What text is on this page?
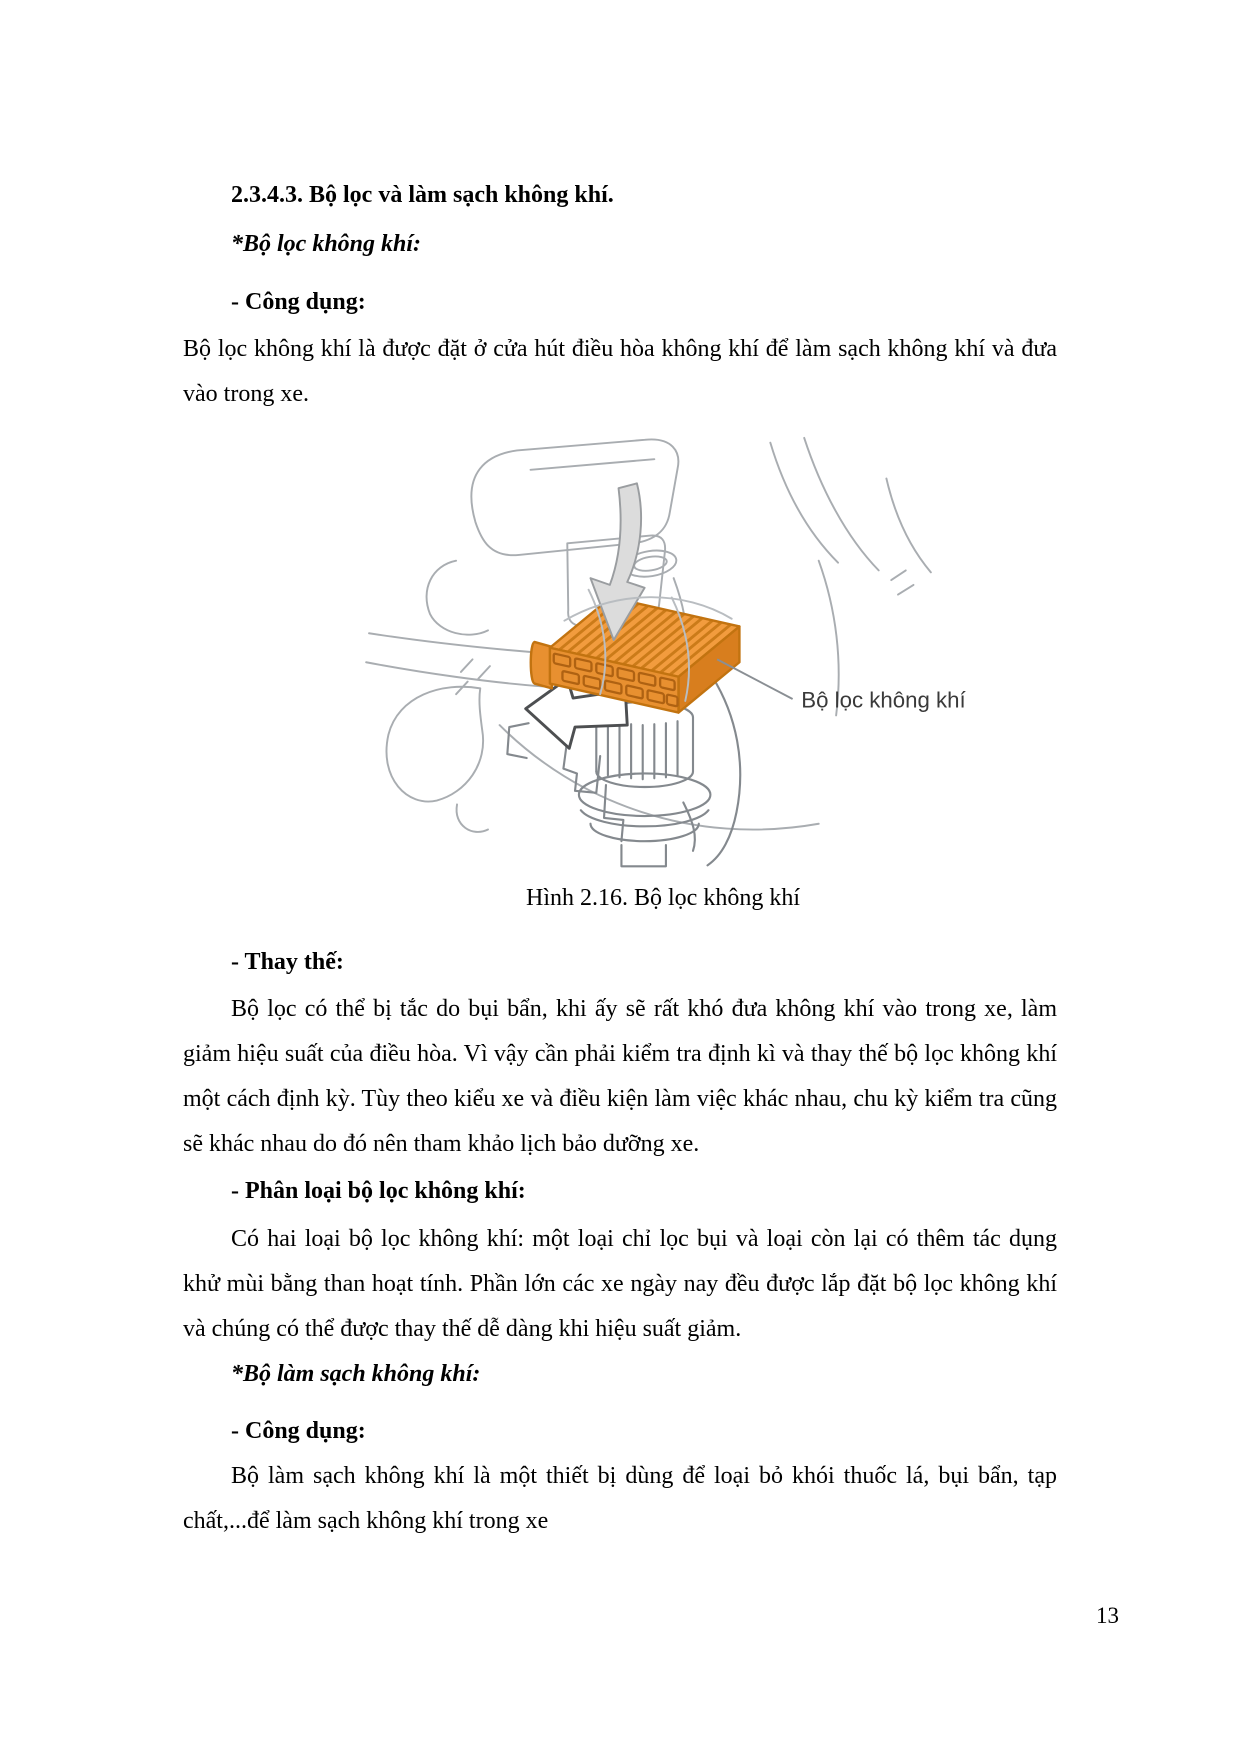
2.3.4.3. Bộ lọc và làm sạch không khí.

*Bộ lọc không khí:

- Công dụng:

Bộ lọc không khí là được đặt ở cửa hút điều hòa không khí để làm sạch không khí và đưa vào trong xe.

Bộ lọc không khí

Hình 2.16. Bộ lọc không khí

- Thay thế:

Bộ lọc có thể bị tắc do bụi bẩn, khi ấy sẽ rất khó đưa không khí vào trong xe, làm giảm hiệu suất của điều hòa. Vì vậy cần phải kiểm tra định kì và thay thế bộ lọc không khí một cách định kỳ. Tùy theo kiểu xe và điều kiện làm việc khác nhau, chu kỳ kiểm tra cũng sẽ khác nhau do đó nên tham khảo lịch bảo dưỡng xe.

- Phân loại bộ lọc không khí:

Có hai loại bộ lọc không khí: một loại chỉ lọc bụi và loại còn lại có thêm tác dụng khử mùi bằng than hoạt tính. Phần lớn các xe ngày nay đều được lắp đặt bộ lọc không khí và chúng có thể được thay thế dễ dàng khi hiệu suất giảm.

*Bộ làm sạch không khí:

- Công dụng:

Bộ làm sạch không khí là một thiết bị dùng để loại bỏ khói thuốc lá, bụi bẩn, tạp chất,...để làm sạch không khí trong xe

13
